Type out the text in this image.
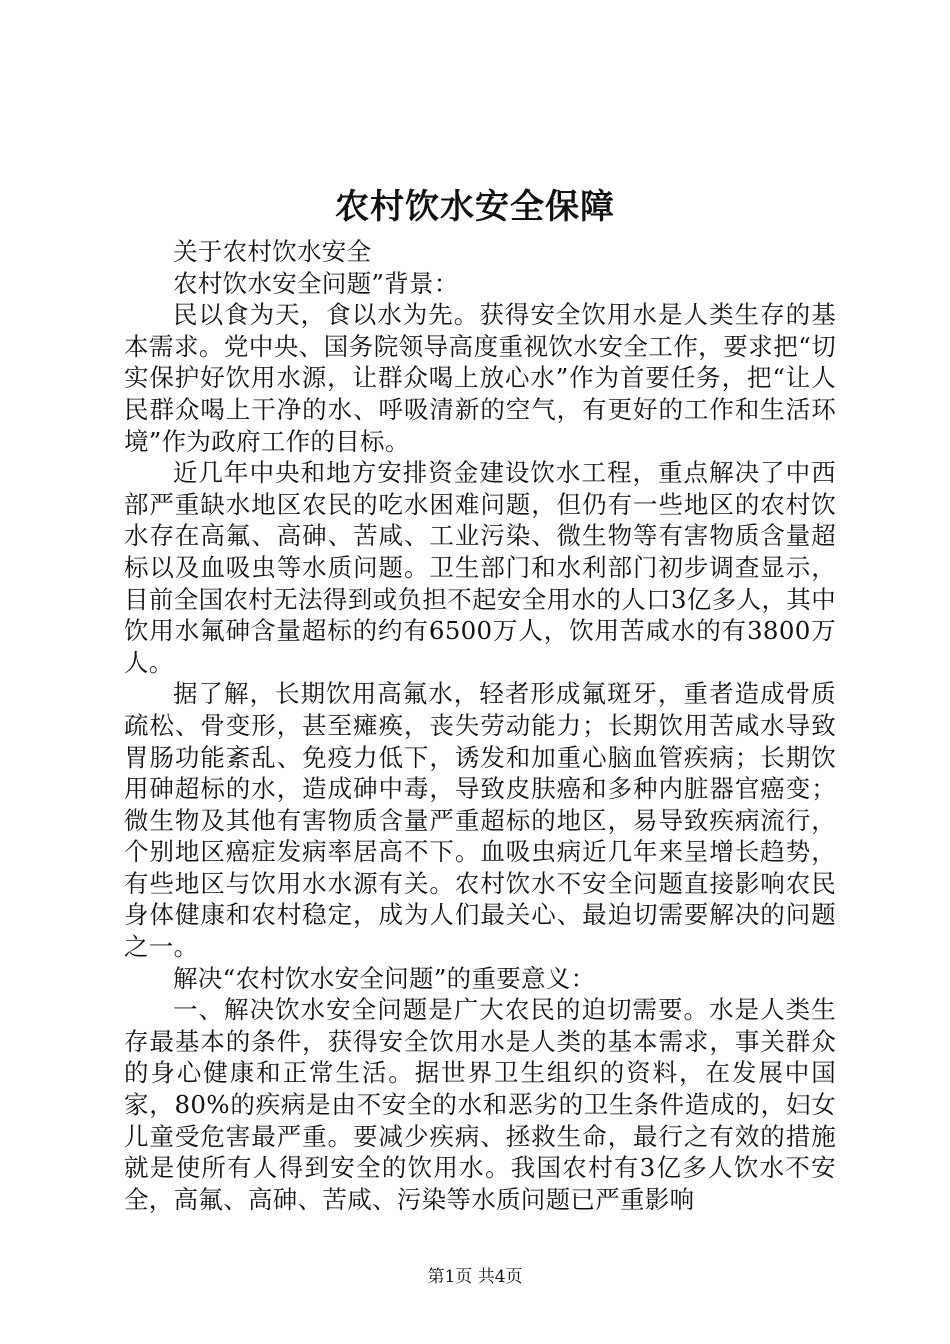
农村饮水安全保障

关于农村饮水安全

农村饮水安全问题”背景：

民以食为天，食以水为先。获得安全饮用水是人类生存的基本需求。党中央、国务院领导高度重视饮水安全工作，要求把“切实保护好饮用水源，让群众喝上放心水”作为首要任务，把“让人民群众喝上干净的水、呼吸清新的空气，有更好的工作和生活环境”作为政府工作的目标。

近几年中央和地方安排资金建设饮水工程，重点解决了中西部严重缺水地区农民的吃水困难问题，但仍有一些地区的农村饮水存在高氟、高砷、苦咸、工业污染、微生物等有害物质含量超标以及血吸虫等水质问题。卫生部门和水利部门初步调查显示，目前全国农村无法得到或负担不起安全用水的人口3亿多人，其中饮用水氟砷含量超标的约有6500万人，饮用苦咸水的有3800万人。

据了解，长期饮用高氟水，轻者形成氟斑牙，重者造成骨质疏松、骨变形，甚至瘫痪，丧失劳动能力；长期饮用苦咸水导致胃肠功能紊乱、免疫力低下，诱发和加重心脑血管疾病；长期饮用砷超标的水，造成砷中毒，导致皮肤癌和多种内脏器官癌变；微生物及其他有害物质含量严重超标的地区，易导致疾病流行，个别地区癌症发病率居高不下。血吸虫病近几年来呈增长趋势，有些地区与饮用水水源有关。农村饮水不安全问题直接影响农民身体健康和农村稳定，成为人们最关心、最迫切需要解决的问题之一。

解决“农村饮水安全问题”的重要意义：

一、解决饮水安全问题是广大农民的迫切需要。水是人类生存最基本的条件，获得安全饮用水是人类的基本需求，事关群众的身心健康和正常生活。据世界卫生组织的资料，在发展中国家，80%的疾病是由不安全的水和恶劣的卫生条件造成的，妇女儿童受危害最严重。要减少疾病、拯救生命，最行之有效的措施就是使所有人得到安全的饮用水。我国农村有3亿多人饮水不安全，高氟、高砷、苦咸、污染等水质问题已严重影响

第1页 共4页
